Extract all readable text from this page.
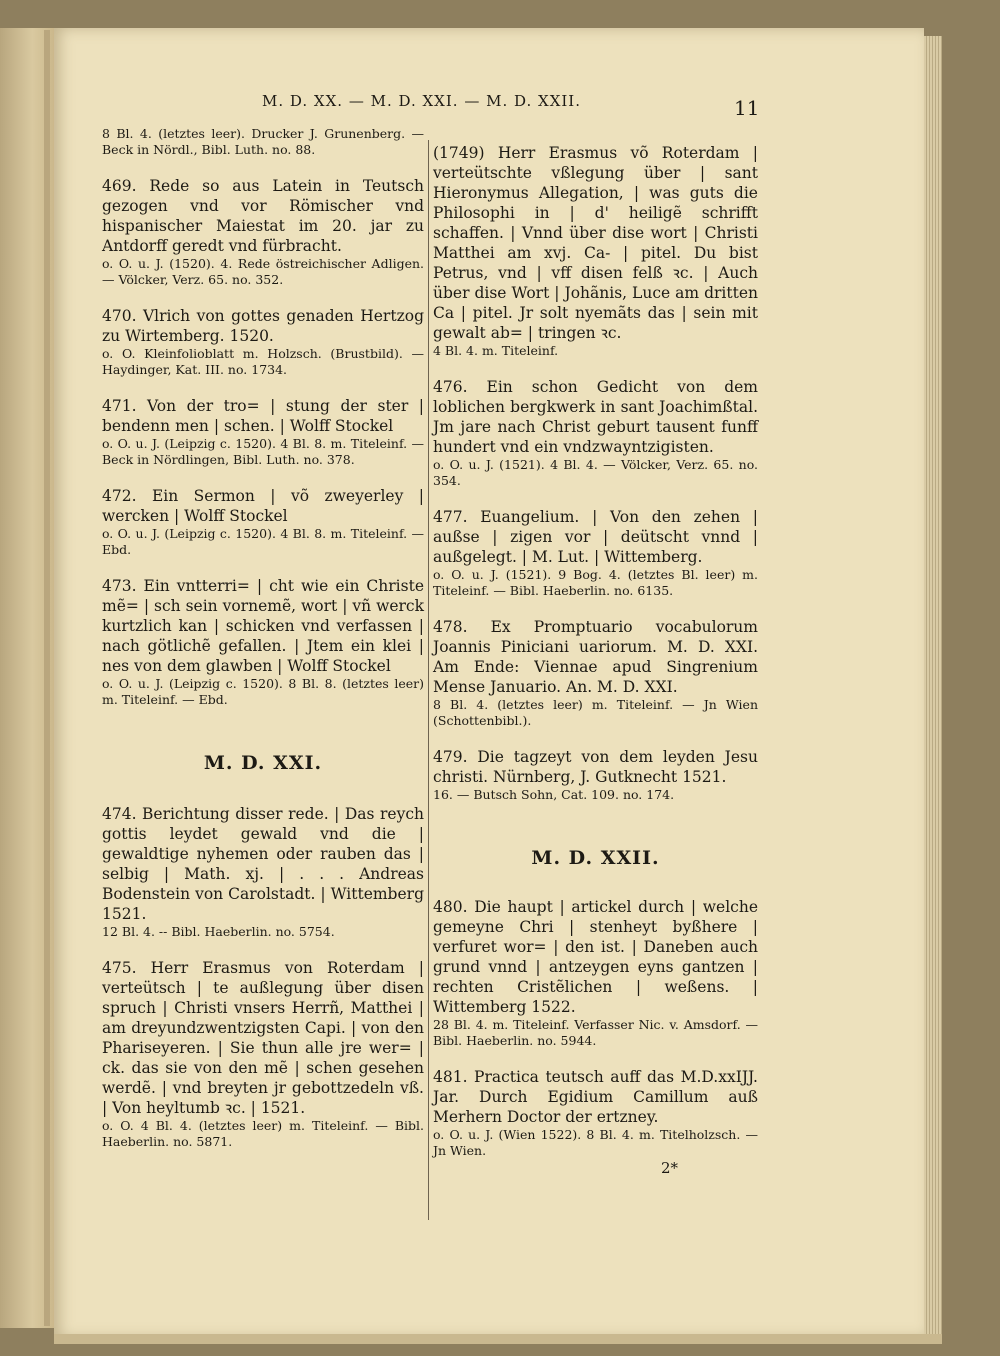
M. D. XX. — M. D. XXI. — M. D. XXII.	11
8 Bl. 4. (letztes leer). Drucker J. Grunenberg. — Beck in Nördl., Bibl. Luth. no. 88.
469. Rede so aus Latein in Teutsch gezogen vnd vor Römischer vnd hispanischer Maiestat im 20. jar zu Antdorff geredt vnd fürbracht.
o. O. u. J. (1520). 4. Rede östreichischer Adligen. — Völcker, Verz. 65. no. 352.
470. Vlrich von gottes genaden Hertzog zu Wirtemberg. 1520.
o. O. Kleinfolioblatt m. Holzsch. (Brustbild). — Haydinger, Kat. III. no. 1734.
471. Von der tro= | stung der ster | bendenn men | schen. | Wolff Stockel
o. O. u. J. (Leipzig c. 1520). 4 Bl. 8. m. Titeleinf. — Beck in Nördlingen, Bibl. Luth. no. 378.
472. Ein Sermon | võ zweyerley | wercken | Wolff Stockel
o. O. u. J. (Leipzig c. 1520). 4 Bl. 8. m. Titeleinf. — Ebd.
473. Ein vntterri= | cht wie ein Christe mẽ= | sch sein vornemẽ, wort | vñ werck kurtzlich kan | schicken vnd verfassen | nach götlichẽ gefallen. | Jtem ein klei | nes von dem glawben | Wolff Stockel
o. O. u. J. (Leipzig c. 1520). 8 Bl. 8. (letztes leer) m. Titeleinf. — Ebd.
M. D. XXI.
474. Berichtung disser rede. | Das reych gottis leydet gewald vnd die | gewaldtige nyhemen oder rauben das | selbig | Math. xj. | . . . Andreas Bodenstein von Carolstadt. | Wittemberg 1521.
12 Bl. 4. -- Bibl. Haeberlin. no. 5754.
475. Herr Erasmus von Roterdam | verteütsch | te außlegung über disen spruch | Christi vnsers Herrñ, Matthei | am dreyundzwentzigsten Capi. | von den Phariseyeren. | Sie thun alle jre wer= | ck. das sie von den mẽ | schen gesehen werdẽ. | vnd breyten jr gebottzedeln vß. | Von heyltumb ꝛc. | 1521.
o. O. 4 Bl. 4. (letztes leer) m. Titeleinf. — Bibl. Haeberlin. no. 5871.
(1749) Herr Erasmus võ Roterdam | verteütschte vßlegung über | sant Hieronymus Allegation, | was guts die Philosophi in | d' heiligẽ schrifft schaffen. | Vnnd über dise wort | Christi Matthei am xvj. Ca- | pitel. Du bist Petrus, vnd | vff disen felß ꝛc. | Auch über dise Wort | Johãnis, Luce am dritten Ca | pitel. Jr solt nyemãts das | sein mit gewalt ab= | tringen ꝛc.
4 Bl. 4. m. Titeleinf.
476. Ein schon Gedicht von dem loblichen bergkwerk in sant Joachimßtal. Jm jare nach Christ geburt tausent funff hundert vnd ein vndzwayntzigisten.
o. O. u. J. (1521). 4 Bl. 4. — Völcker, Verz. 65. no. 354.
477. Euangelium. | Von den zehen | außse | zigen vor | deütscht vnnd | außgelegt. | M. Lut. | Wittemberg.
o. O. u. J. (1521). 9 Bog. 4. (letztes Bl. leer) m. Titeleinf. — Bibl. Haeberlin. no. 6135.
478. Ex Promptuario vocabulorum Joannis Piniciani uariorum. M. D. XXI. Am Ende: Viennae apud Singrenium Mense Januario. An. M. D. XXI.
8 Bl. 4. (letztes leer) m. Titeleinf. — Jn Wien (Schottenbibl.).
479. Die tagzeyt von dem leyden Jesu christi. Nürnberg, J. Gutknecht 1521.
16. — Butsch Sohn, Cat. 109. no. 174.
M. D. XXII.
480. Die haupt | artickel durch | welche gemeyne Chri | stenheyt byßhere | verfuret wor= | den ist. | Daneben auch grund vnnd | antzeygen eyns gantzen | rechten Cristẽlichen | weßens. | Wittemberg 1522.
28 Bl. 4. m. Titeleinf. Verfasser Nic. v. Amsdorf. — Bibl. Haeberlin. no. 5944.
481. Practica teutsch auff das M.D.xxIJJ. Jar. Durch Egidium Camillum auß Merhern Doctor der ertzney.
o. O. u. J. (Wien 1522). 8 Bl. 4. m. Titelholzsch. — Jn Wien.
2*
